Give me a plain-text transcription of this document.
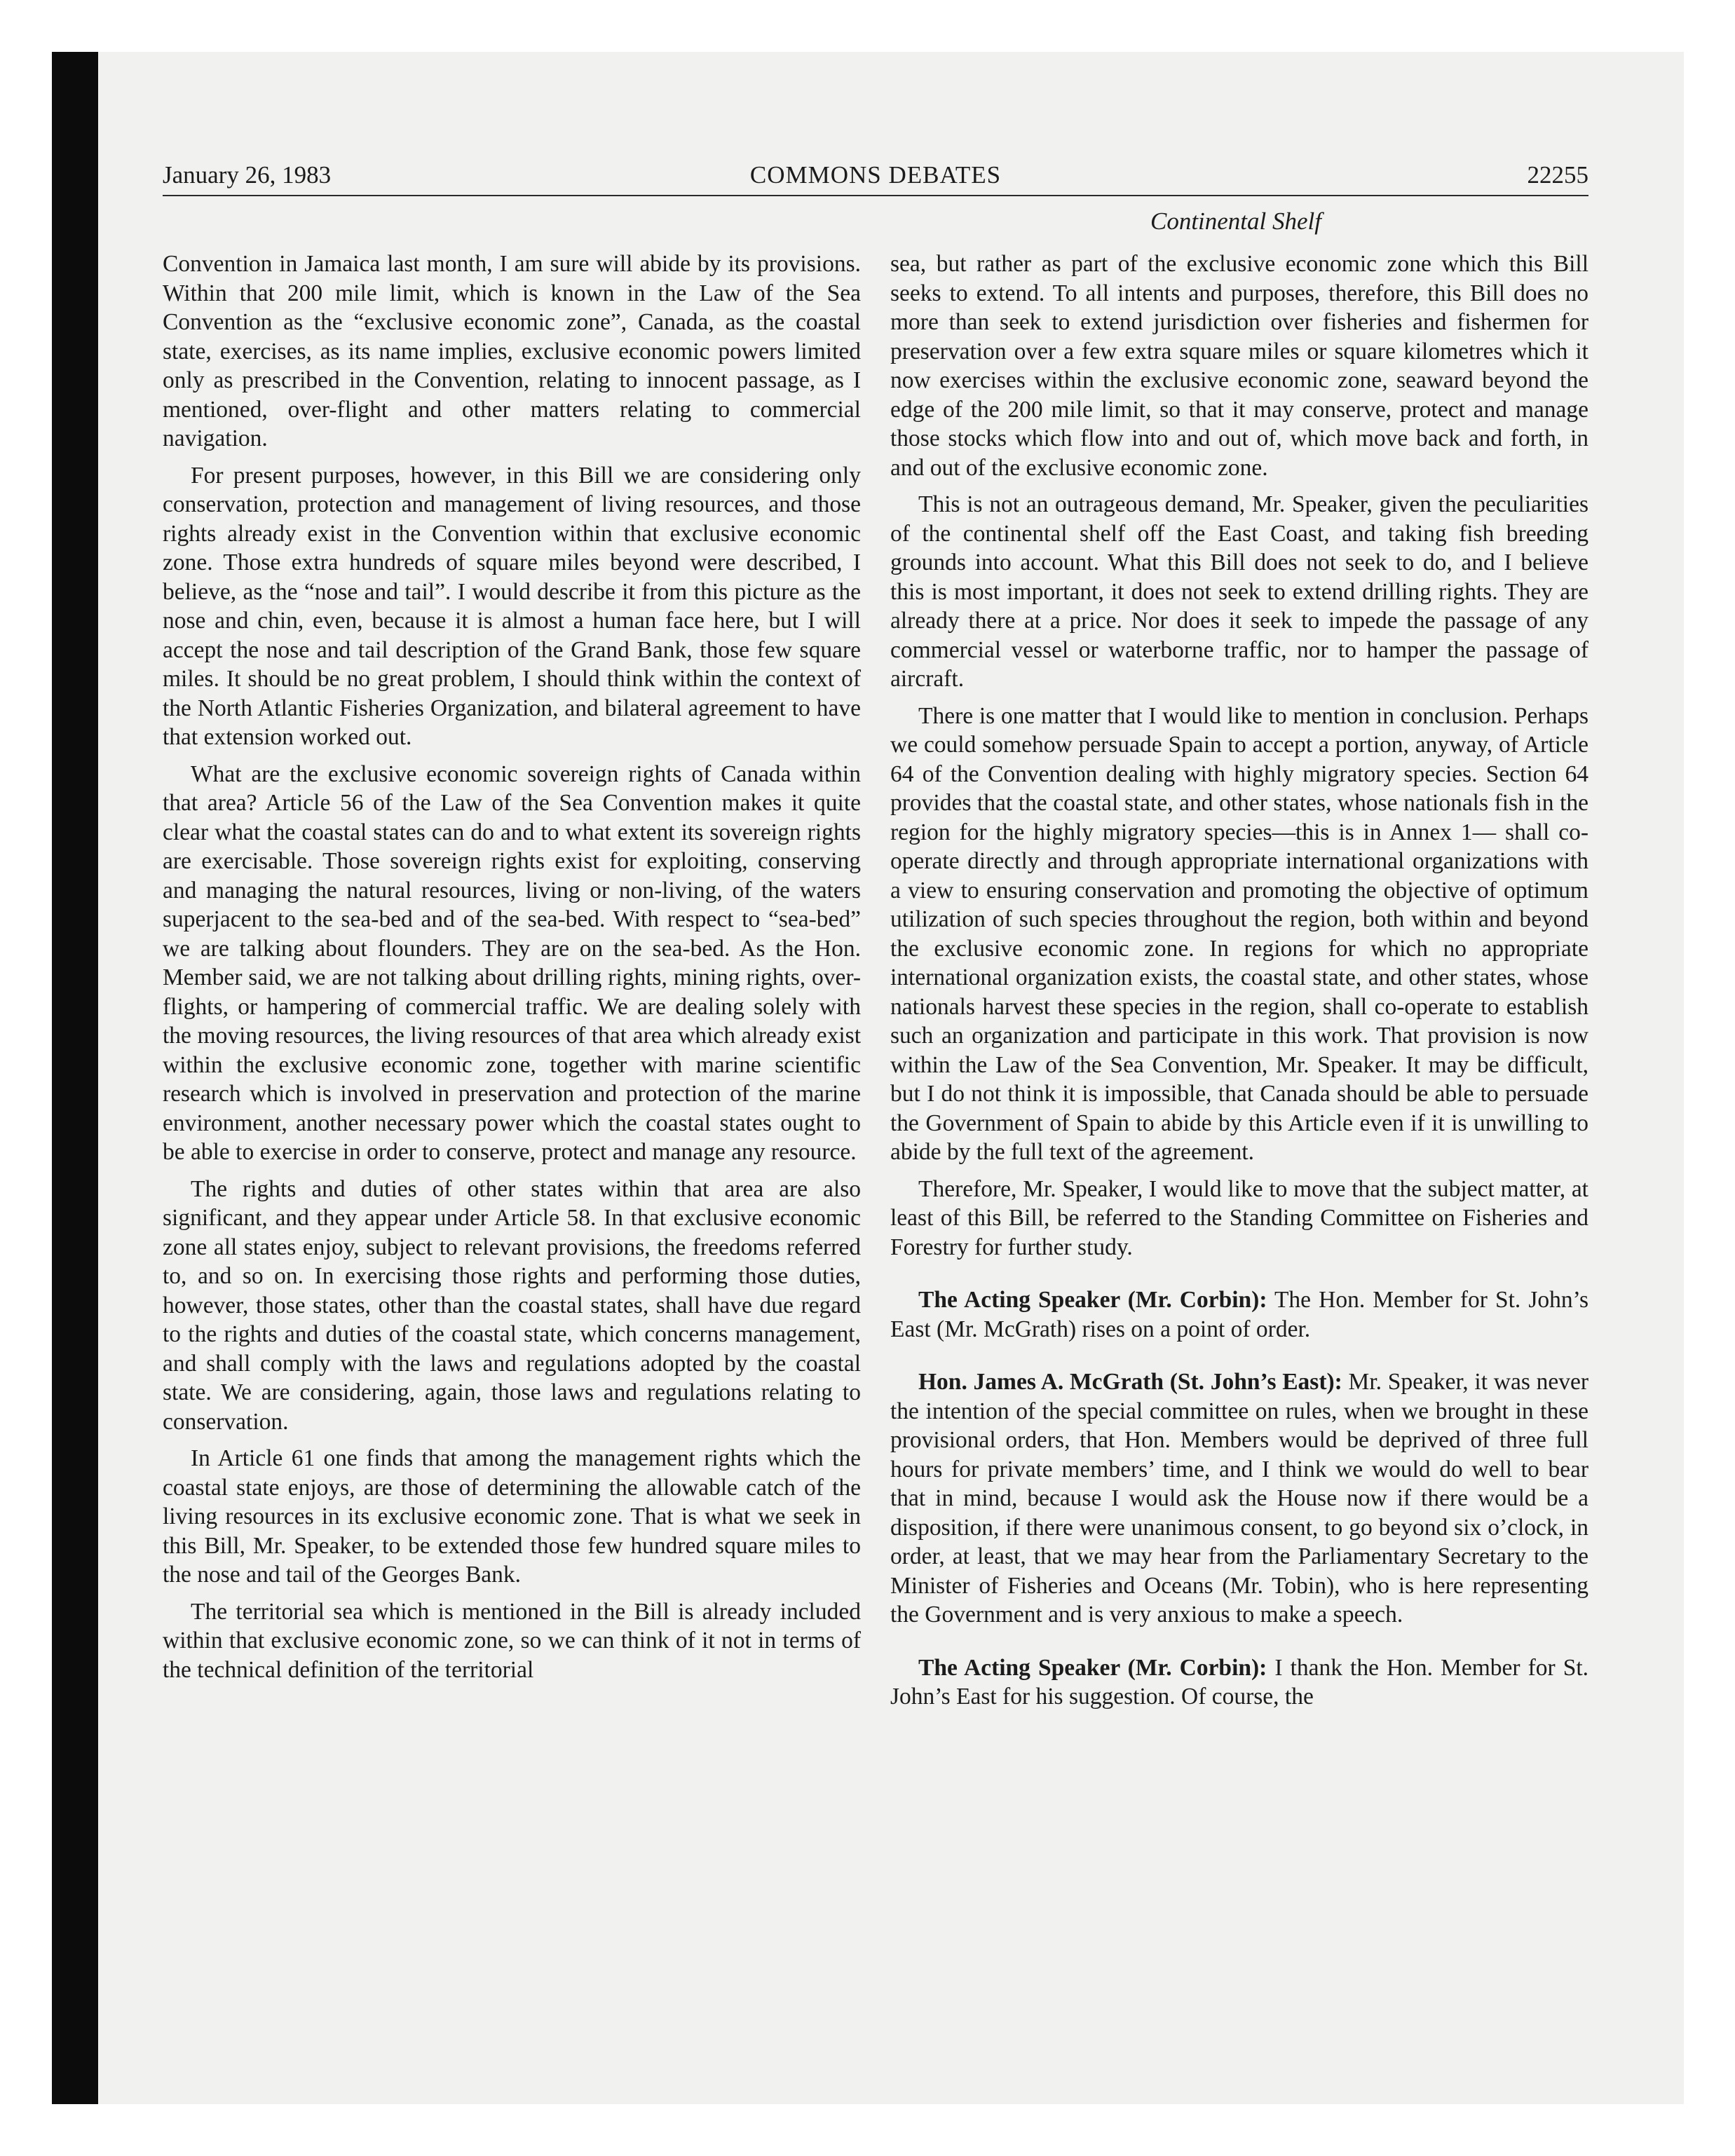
January 26, 1983	COMMONS DEBATES	22255
Continental Shelf

Convention in Jamaica last month, I am sure will abide by its provisions. Within that 200 mile limit, which is known in the Law of the Sea Convention as the “exclusive economic zone”, Canada, as the coastal state, exercises, as its name implies, exclusive economic powers limited only as prescribed in the Convention, relating to innocent passage, as I mentioned, over-flight and other matters relating to commercial navigation.

For present purposes, however, in this Bill we are considering only conservation, protection and management of living resources, and those rights already exist in the Convention within that exclusive economic zone. Those extra hundreds of square miles beyond were described, I believe, as the “nose and tail”. I would describe it from this picture as the nose and chin, even, because it is almost a human face here, but I will accept the nose and tail description of the Grand Bank, those few square miles. It should be no great problem, I should think within the context of the North Atlantic Fisheries Organization, and bilateral agreement to have that extension worked out.

What are the exclusive economic sovereign rights of Canada within that area? Article 56 of the Law of the Sea Convention makes it quite clear what the coastal states can do and to what extent its sovereign rights are exercisable. Those sovereign rights exist for exploiting, conserving and managing the natural resources, living or non-living, of the waters superjacent to the sea-bed and of the sea-bed. With respect to “sea-bed” we are talking about flounders. They are on the sea-bed. As the Hon. Member said, we are not talking about drilling rights, mining rights, over-flights, or hampering of commercial traffic. We are dealing solely with the moving resources, the living resources of that area which already exist within the exclusive economic zone, together with marine scientific research which is involved in preservation and protection of the marine environment, another necessary power which the coastal states ought to be able to exercise in order to conserve, protect and manage any resource.

The rights and duties of other states within that area are also significant, and they appear under Article 58. In that exclusive economic zone all states enjoy, subject to relevant provisions, the freedoms referred to, and so on. In exercising those rights and performing those duties, however, those states, other than the coastal states, shall have due regard to the rights and duties of the coastal state, which concerns management, and shall comply with the laws and regulations adopted by the coastal state. We are considering, again, those laws and regulations relating to conservation.

In Article 61 one finds that among the management rights which the coastal state enjoys, are those of determining the allowable catch of the living resources in its exclusive economic zone. That is what we seek in this Bill, Mr. Speaker, to be extended those few hundred square miles to the nose and tail of the Georges Bank.

The territorial sea which is mentioned in the Bill is already included within that exclusive economic zone, so we can think of it not in terms of the technical definition of the territorial

sea, but rather as part of the exclusive economic zone which this Bill seeks to extend. To all intents and purposes, therefore, this Bill does no more than seek to extend jurisdiction over fisheries and fishermen for preservation over a few extra square miles or square kilometres which it now exercises within the exclusive economic zone, seaward beyond the edge of the 200 mile limit, so that it may conserve, protect and manage those stocks which flow into and out of, which move back and forth, in and out of the exclusive economic zone.

This is not an outrageous demand, Mr. Speaker, given the peculiarities of the continental shelf off the East Coast, and taking fish breeding grounds into account. What this Bill does not seek to do, and I believe this is most important, it does not seek to extend drilling rights. They are already there at a price. Nor does it seek to impede the passage of any commercial vessel or waterborne traffic, nor to hamper the passage of aircraft.

There is one matter that I would like to mention in conclusion. Perhaps we could somehow persuade Spain to accept a portion, anyway, of Article 64 of the Convention dealing with highly migratory species. Section 64 provides that the coastal state, and other states, whose nationals fish in the region for the highly migratory species—this is in Annex 1— shall co-operate directly and through appropriate international organizations with a view to ensuring conservation and promoting the objective of optimum utilization of such species throughout the region, both within and beyond the exclusive economic zone. In regions for which no appropriate international organization exists, the coastal state, and other states, whose nationals harvest these species in the region, shall co-operate to establish such an organization and participate in this work. That provision is now within the Law of the Sea Convention, Mr. Speaker. It may be difficult, but I do not think it is impossible, that Canada should be able to persuade the Government of Spain to abide by this Article even if it is unwilling to abide by the full text of the agreement.

Therefore, Mr. Speaker, I would like to move that the subject matter, at least of this Bill, be referred to the Standing Committee on Fisheries and Forestry for further study.

The Acting Speaker (Mr. Corbin): The Hon. Member for St. John’s East (Mr. McGrath) rises on a point of order.

Hon. James A. McGrath (St. John’s East): Mr. Speaker, it was never the intention of the special committee on rules, when we brought in these provisional orders, that Hon. Members would be deprived of three full hours for private members’ time, and I think we would do well to bear that in mind, because I would ask the House now if there would be a disposition, if there were unanimous consent, to go beyond six o’clock, in order, at least, that we may hear from the Parliamentary Secretary to the Minister of Fisheries and Oceans (Mr. Tobin), who is here representing the Government and is very anxious to make a speech.

The Acting Speaker (Mr. Corbin): I thank the Hon. Member for St. John’s East for his suggestion. Of course, the
